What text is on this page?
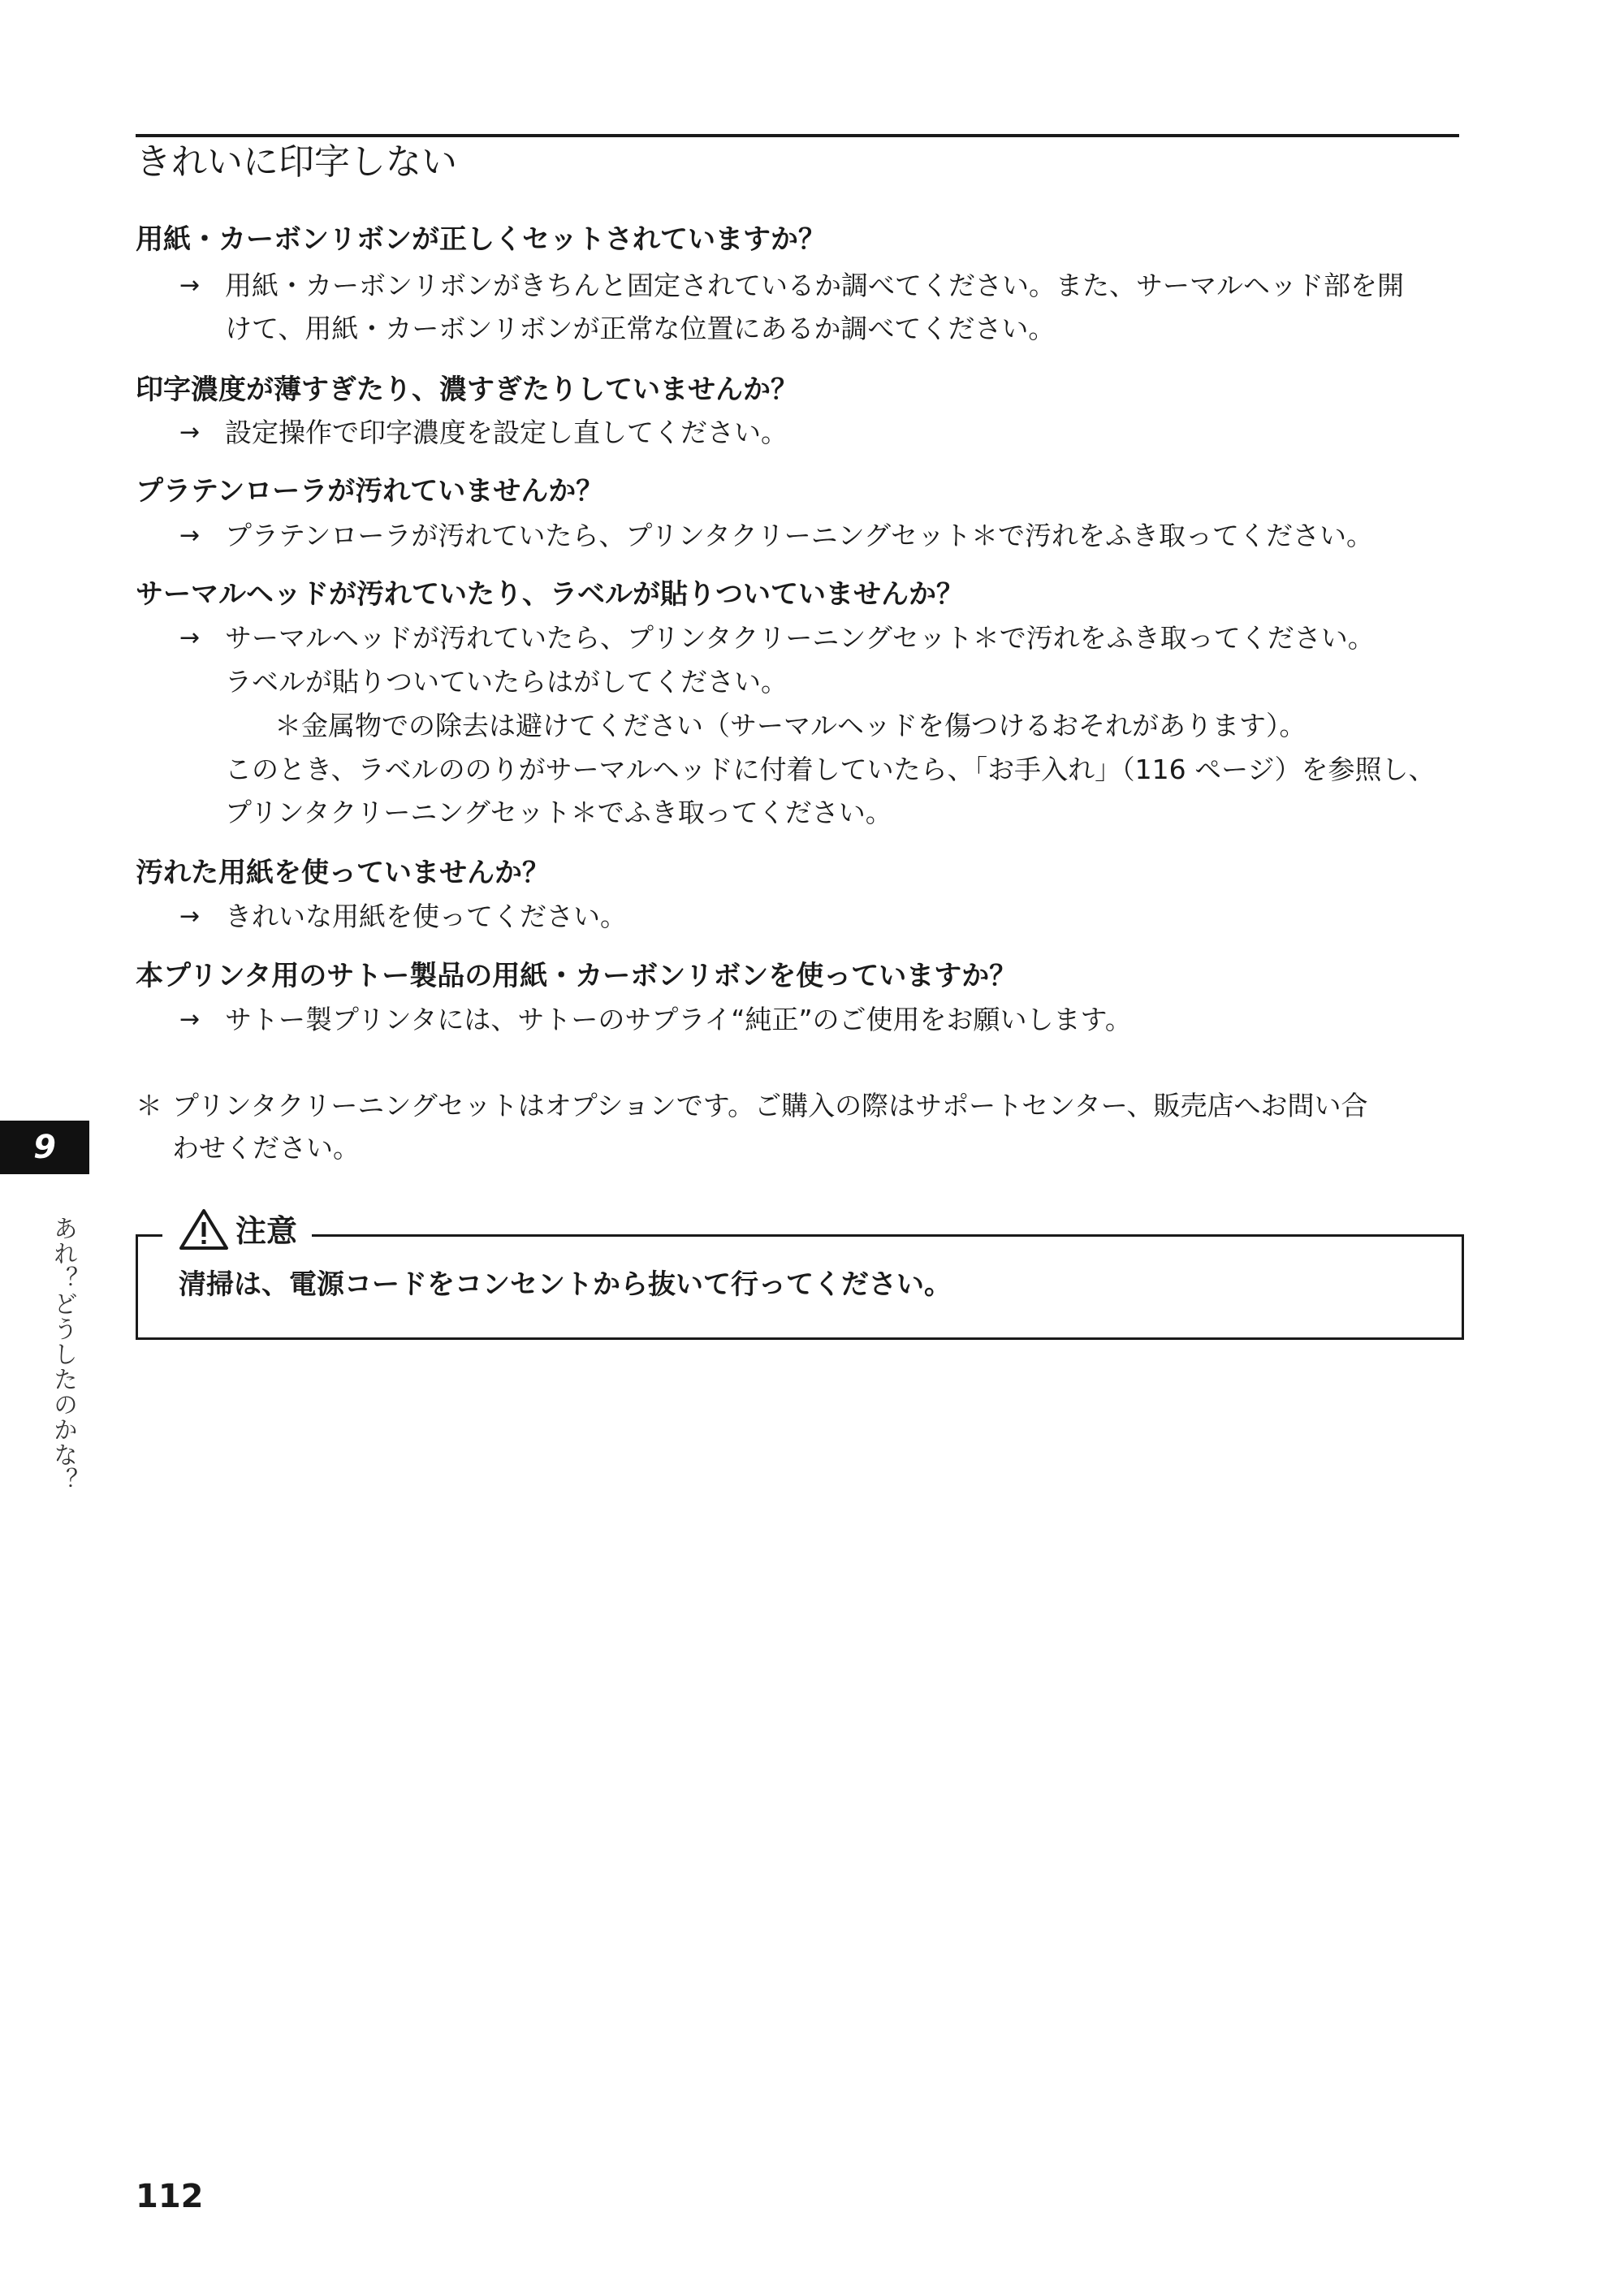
きれいに印字しない
用紙・カーボンリボンが正しくセットされていますか？
→ 用紙・カーボンリボンがきちんと固定されているか調べてください。また、サーマルヘッド部を開
けて、用紙・カーボンリボンが正常な位置にあるか調べてください。
印字濃度が薄すぎたり、濃すぎたりしていませんか？
→ 設定操作で印字濃度を設定し直してください。
プラテンローラが汚れていませんか？
→ プラテンローラが汚れていたら、プリンタクリーニングセット＊で汚れをふき取ってください。
サーマルヘッドが汚れていたり、ラベルが貼りついていませんか？
→ サーマルヘッドが汚れていたら、プリンタクリーニングセット＊で汚れをふき取ってください。
ラベルが貼りついていたらはがしてください。
＊金属物での除去は避けてください（サーマルヘッドを傷つけるおそれがあります）。
このとき、ラベルののりがサーマルヘッドに付着していたら、「お手入れ」（116 ページ）を参照し、
プリンタクリーニングセット＊でふき取ってください。
汚れた用紙を使っていませんか？
→ きれいな用紙を使ってください。
本プリンタ用のサトー製品の用紙・カーボンリボンを使っていますか？
→ サトー製プリンタには、サトーのサプライ“純正”のご使用をお願いします。
＊ プリンタクリーニングセットはオプションです。ご購入の際はサポートセンター、販売店へお問い合
わせください。
9
あれ？どうしたのかな？	注意
清掃は、電源コードをコンセントから抜いて行ってください。
112
